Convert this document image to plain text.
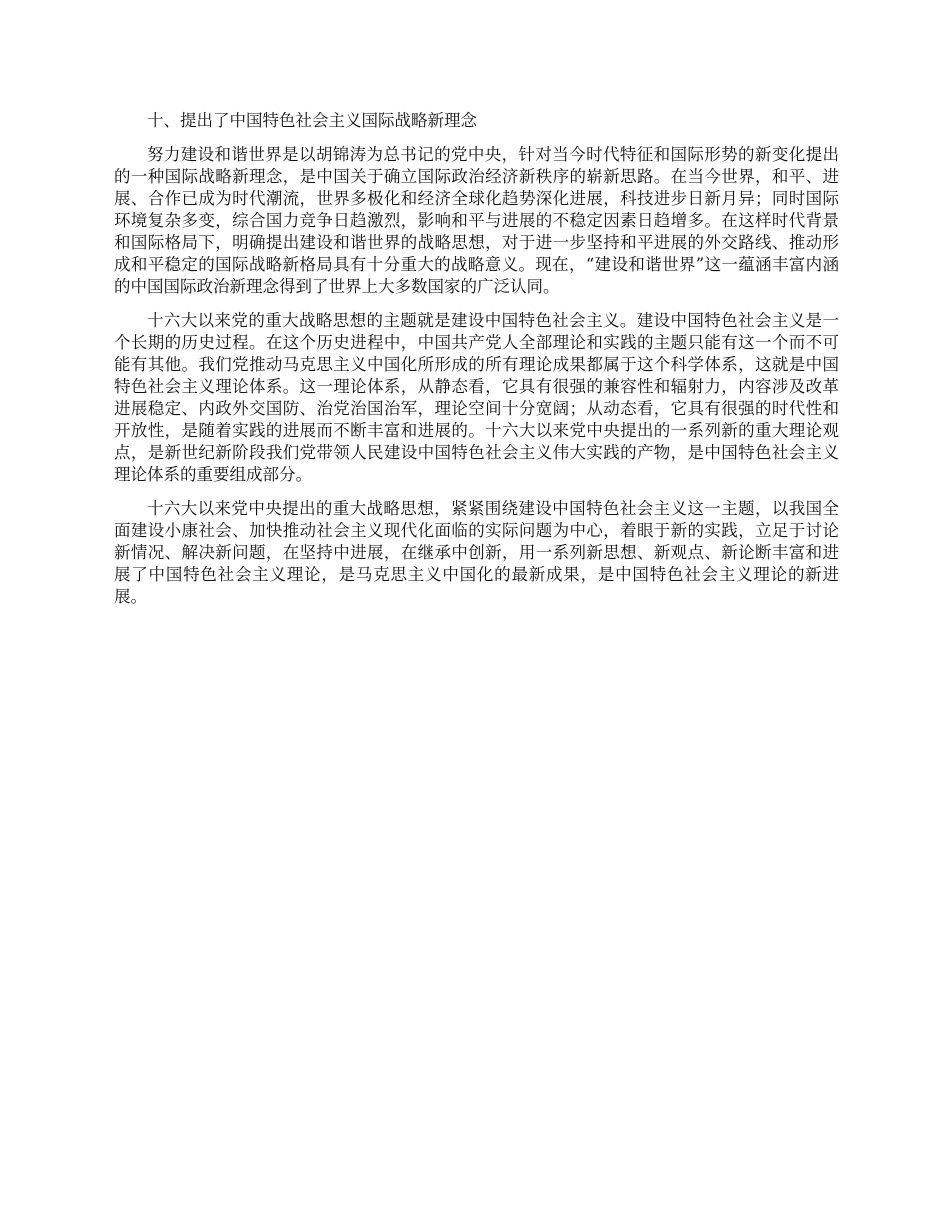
十、提出了中国特色社会主义国际战略新理念

努力建设和谐世界是以胡锦涛为总书记的党中央，针对当今时代特征和国际形势的新变化提出的一种国际战略新理念，是中国关于确立国际政治经济新秩序的崭新思路。在当今世界，和平、进展、合作已成为时代潮流，世界多极化和经济全球化趋势深化进展，科技进步日新月异；同时国际环境复杂多变，综合国力竞争日趋激烈，影响和平与进展的不稳定因素日趋增多。在这样时代背景和国际格局下，明确提出建设和谐世界的战略思想，对于进一步坚持和平进展的外交路线、推动形成和平稳定的国际战略新格局具有十分重大的战略意义。现在，“建设和谐世界”这一蕴涵丰富内涵的中国国际政治新理念得到了世界上大多数国家的广泛认同。

十六大以来党的重大战略思想的主题就是建设中国特色社会主义。建设中国特色社会主义是一个长期的历史过程。在这个历史进程中，中国共产党人全部理论和实践的主题只能有这一个而不可能有其他。我们党推动马克思主义中国化所形成的所有理论成果都属于这个科学体系，这就是中国特色社会主义理论体系。这一理论体系，从静态看，它具有很强的兼容性和辐射力，内容涉及改革进展稳定、内政外交国防、治党治国治军，理论空间十分宽阔；从动态看，它具有很强的时代性和开放性，是随着实践的进展而不断丰富和进展的。十六大以来党中央提出的一系列新的重大理论观点，是新世纪新阶段我们党带领人民建设中国特色社会主义伟大实践的产物，是中国特色社会主义理论体系的重要组成部分。

十六大以来党中央提出的重大战略思想，紧紧围绕建设中国特色社会主义这一主题，以我国全面建设小康社会、加快推动社会主义现代化面临的实际问题为中心，着眼于新的实践，立足于讨论新情况、解决新问题，在坚持中进展，在继承中创新，用一系列新思想、新观点、新论断丰富和进展了中国特色社会主义理论，是马克思主义中国化的最新成果，是中国特色社会主义理论的新进展。
